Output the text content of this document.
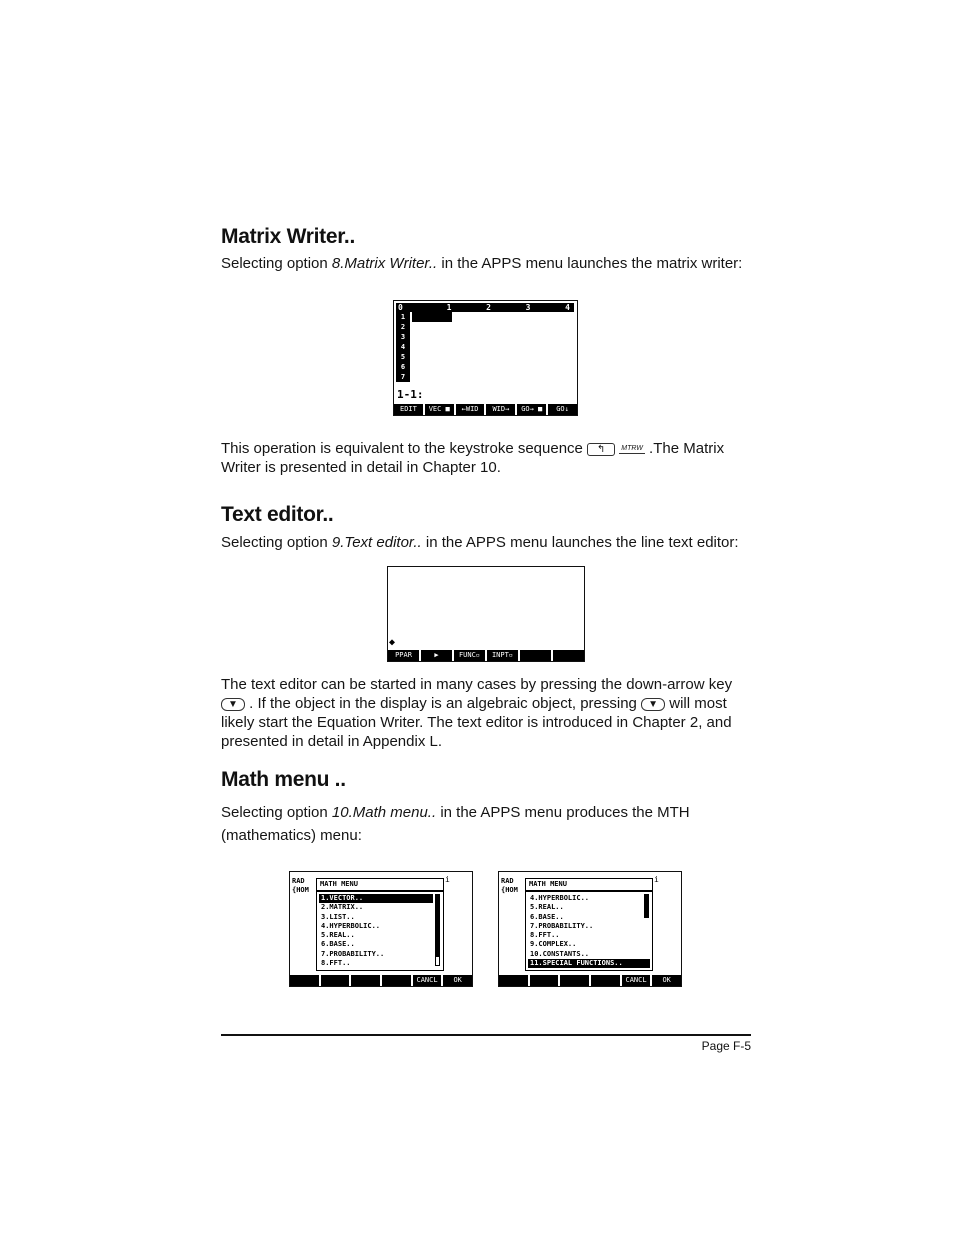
Matrix Writer..
Selecting option 8.Matrix Writer.. in the APPS menu launches the matrix writer:
0	1	2	3	4
1
2
3
4
5
6
7
1-1:
EDIT	VEC ■	←WID	WID→	GO→ ■	GO↓
This operation is equivalent to the keystroke sequence ↰ MTRW .The Matrix
Writer is presented in detail in Chapter 10.
Text editor..
Selecting option 9.Text editor.. in the APPS menu launches the line text editor:
◆
PPAR	▶	FUNC▫	INPT▫
The text editor can be started in many cases by pressing the down-arrow key
▼ . If the object in the display is an algebraic object, pressing ▼ will most
likely start the Equation Writer. The text editor is introduced in Chapter 2, and
presented in detail in Appendix L.
Math menu ..
Selecting option 10.Math menu.. in the APPS menu produces the MTH
(mathematics) menu:
RAD
{HOM
i
MATH MENU
1.VECTOR..
2.MATRIX..
3.LIST..
4.HYPERBOLIC..
5.REAL..
6.BASE..
7.PROBABILITY..
8.FFT..
CANCL	OK
RAD
{HOM
i
MATH MENU
4.HYPERBOLIC..
5.REAL..
6.BASE..
7.PROBABILITY..
8.FFT..
9.COMPLEX..
10.CONSTANTS..
11.SPECIAL FUNCTIONS..
CANCL	OK
Page F-5
